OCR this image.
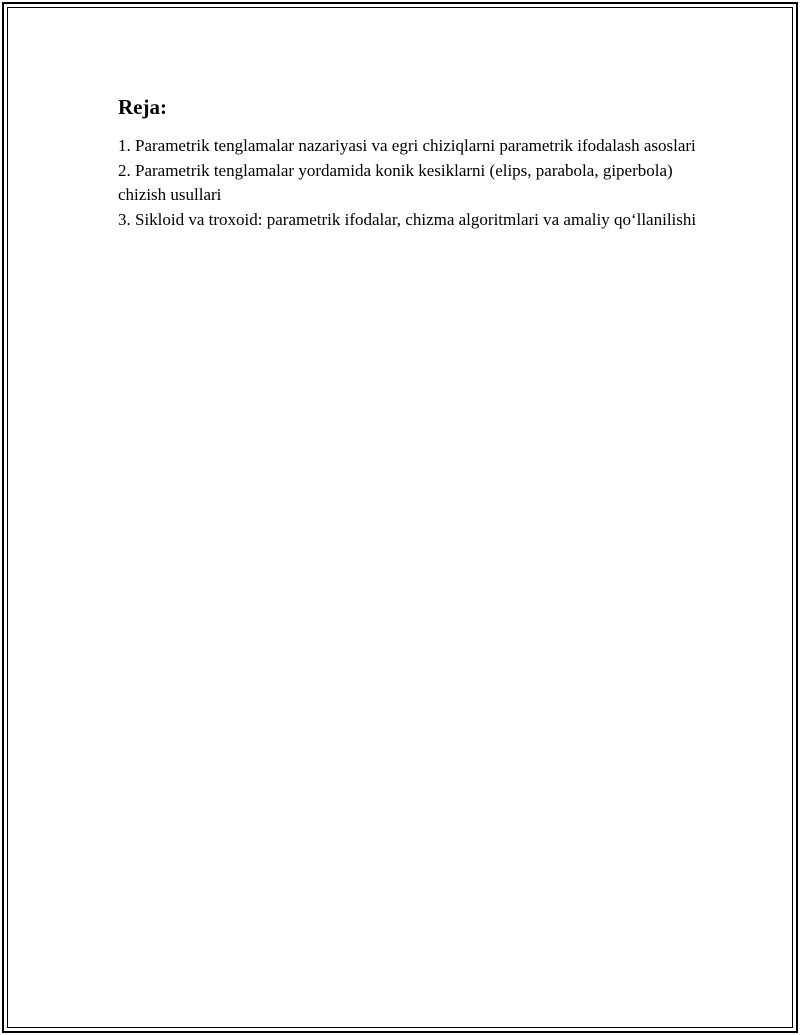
Reja:
1. Parametrik tenglamalar nazariyasi va egri chiziqlarni parametrik ifodalash asoslari
2. Parametrik tenglamalar yordamida konik kesiklarni (elips, parabola, giperbola) chizish usullari
3. Sikloid va troxoid: parametrik ifodalar, chizma algoritmlari va amaliy qo‘llanilishi
